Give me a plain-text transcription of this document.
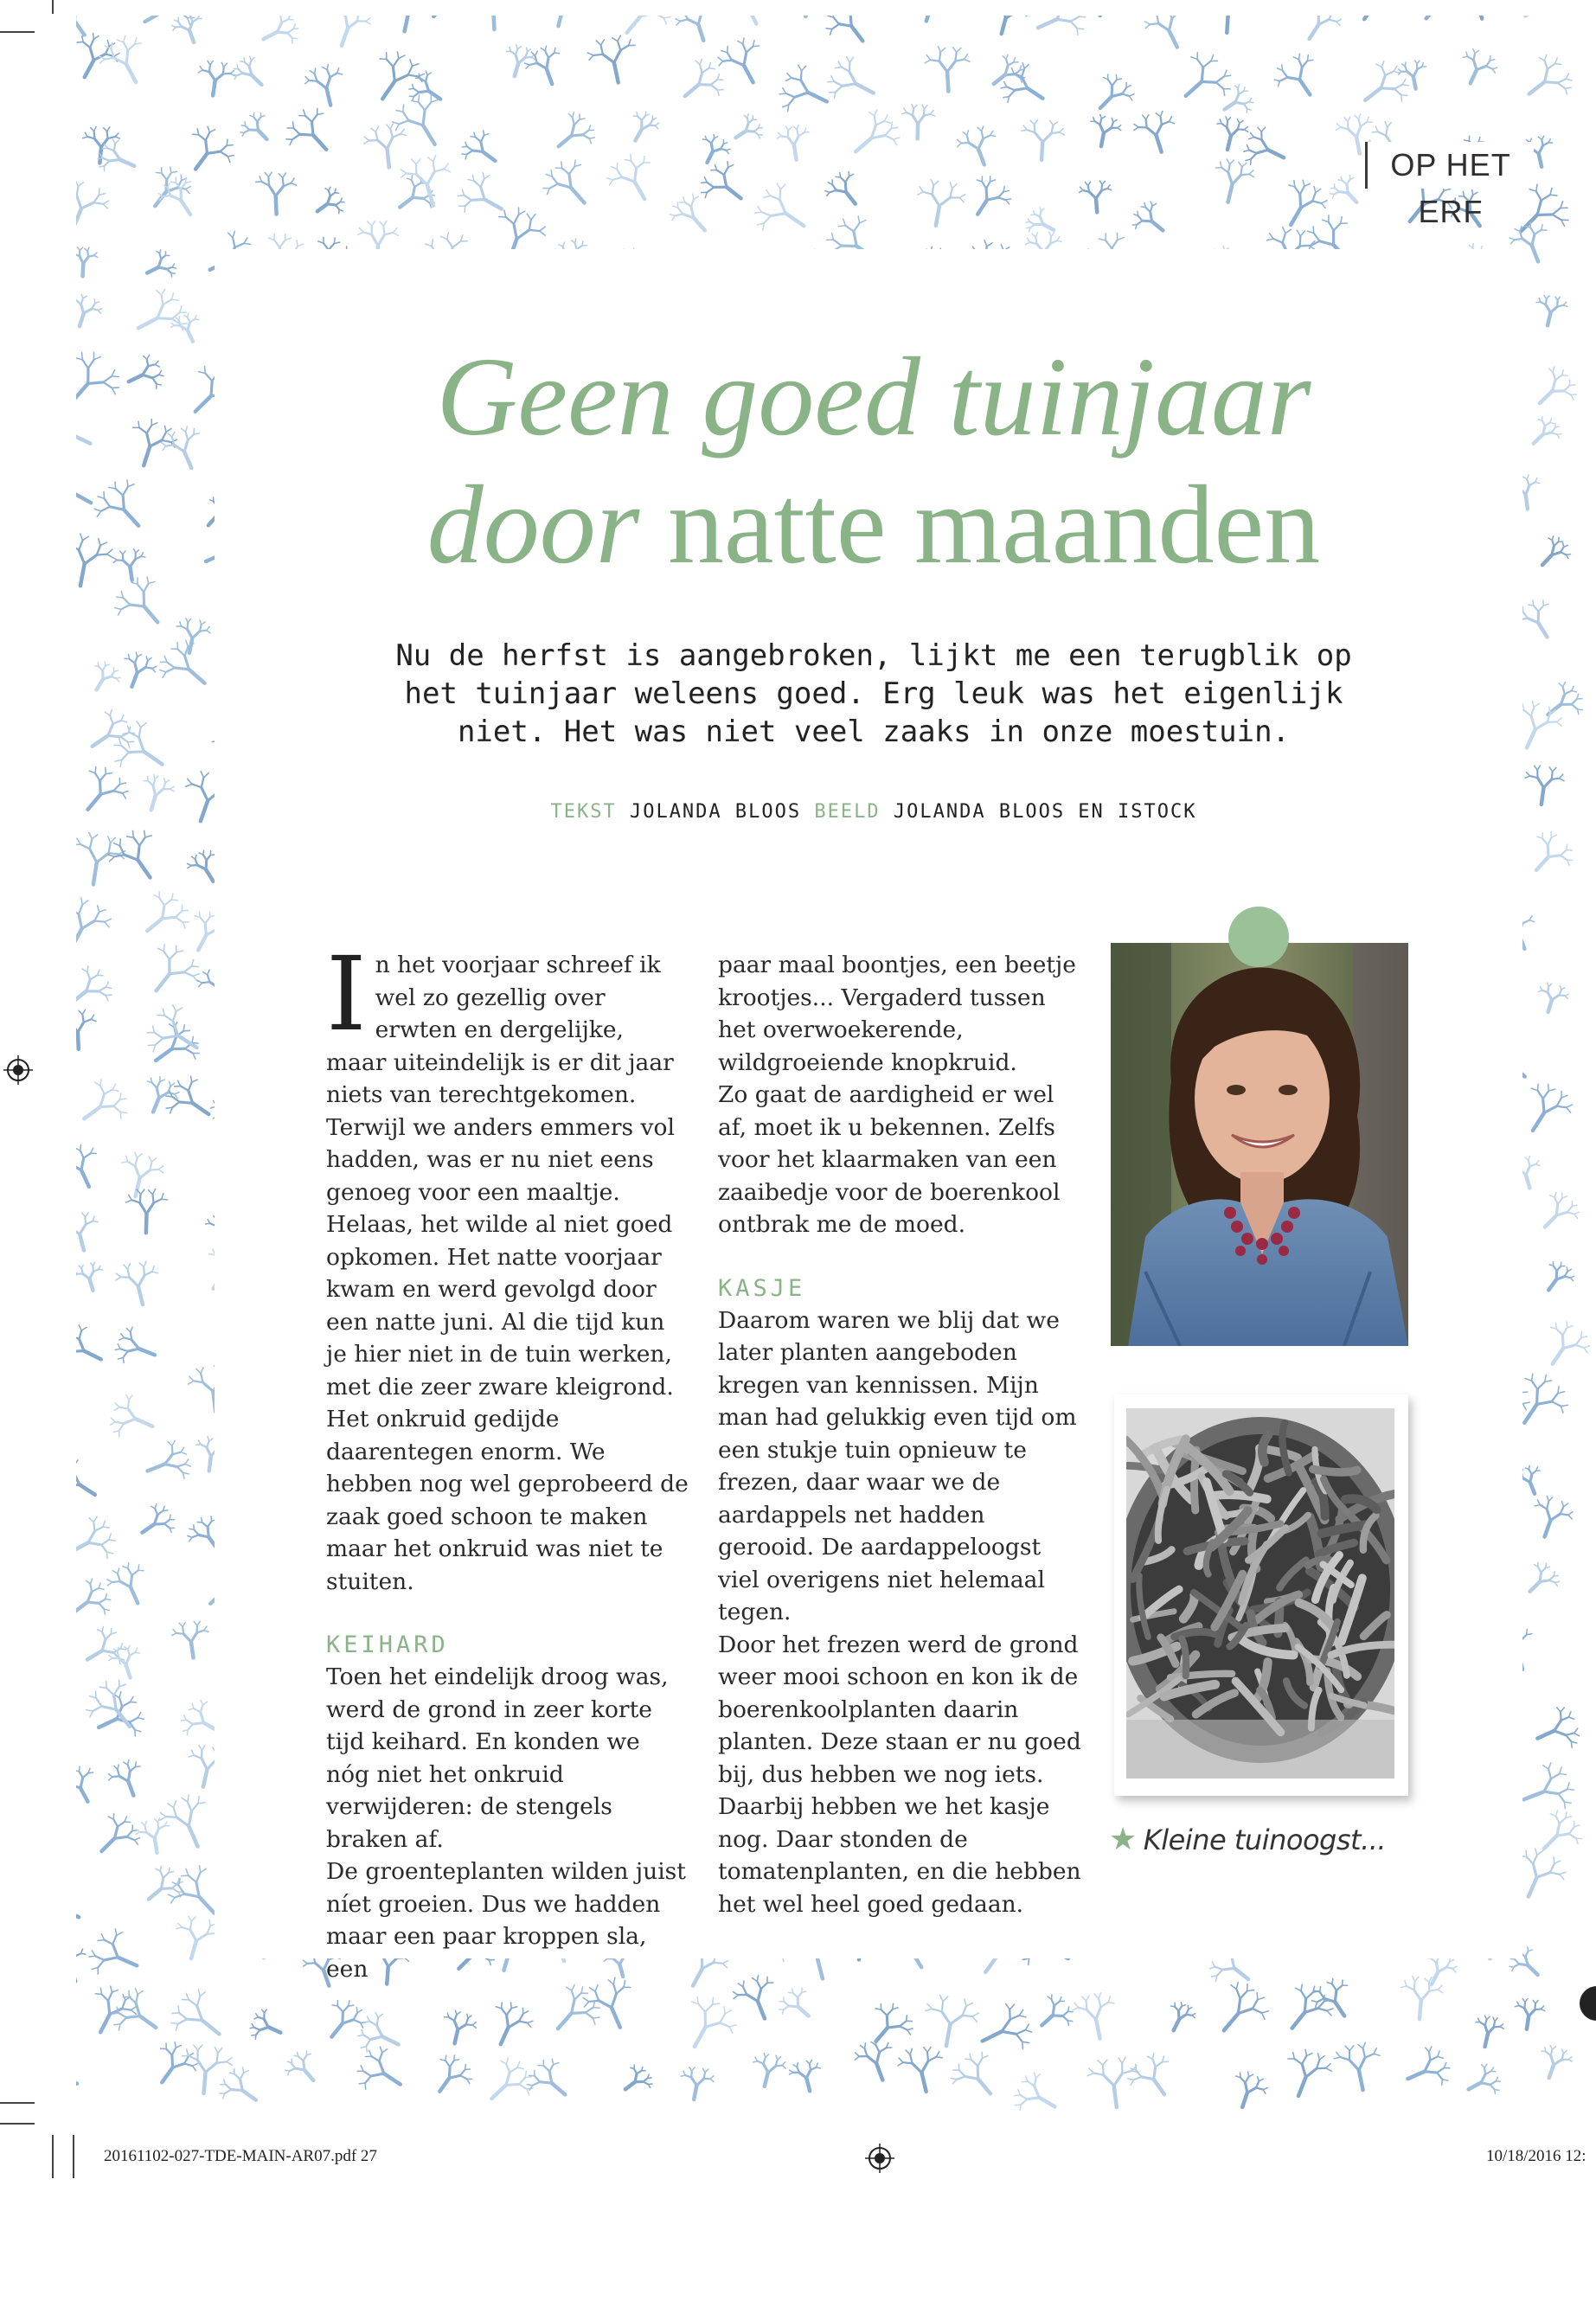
OP HET ERF
Geen goed tuinjaar
door natte maanden
Nu de herfst is aangebroken, lijkt me een terugblik op
het tuinjaar weleens goed. Erg leuk was het eigenlijk
niet. Het was niet veel zaaks in onze moestuin.
TEKST JOLANDA BLOOS BEELD JOLANDA BLOOS EN ISTOCK

In het voorjaar schreef ik wel zo gezellig over erwten en dergelijke, maar uiteindelijk is er dit jaar niets van terechtgekomen. Terwijl we anders emmers vol hadden, was er nu niet eens genoeg voor een maaltje.

Helaas, het wilde al niet goed opkomen. Het natte voorjaar kwam en werd gevolgd door een natte juni. Al die tijd kun je hier niet in de tuin werken, met die zeer zware kleigrond.

Het onkruid gedijde daarentegen enorm. We hebben nog wel geprobeerd de zaak goed schoon te maken maar het onkruid was niet te stuiten.

KEIHARD

Toen het eindelijk droog was, werd de grond in zeer korte tijd keihard. En konden we nóg niet het onkruid verwijderen: de stengels braken af.

De groenteplanten wilden juist níet groeien. Dus we hadden maar een paar kroppen sla, een

paar maal boontjes, een beetje krootjes... Vergaderd tussen het overwoekerende, wildgroeiende knopkruid.

Zo gaat de aardigheid er wel af, moet ik u bekennen. Zelfs voor het klaarmaken van een zaaibedje voor de boerenkool ontbrak me de moed.

KASJE

Daarom waren we blij dat we later planten aangeboden kregen van kennissen. Mijn man had gelukkig even tijd om een stukje tuin opnieuw te frezen, daar waar we de aardappels net hadden gerooid. De aardappeloogst viel overigens niet helemaal tegen.

Door het frezen werd de grond weer mooi schoon en kon ik de boerenkoolplanten daarin planten. Deze staan er nu goed bij, dus hebben we nog iets.

Daarbij hebben we het kasje nog. Daar stonden de tomatenplanten, en die hebben het wel heel goed gedaan.

★ Kleine tuinoogst...
20161102-027-TDE-MAIN-AR07.pdf 27	10/18/2016 12:
